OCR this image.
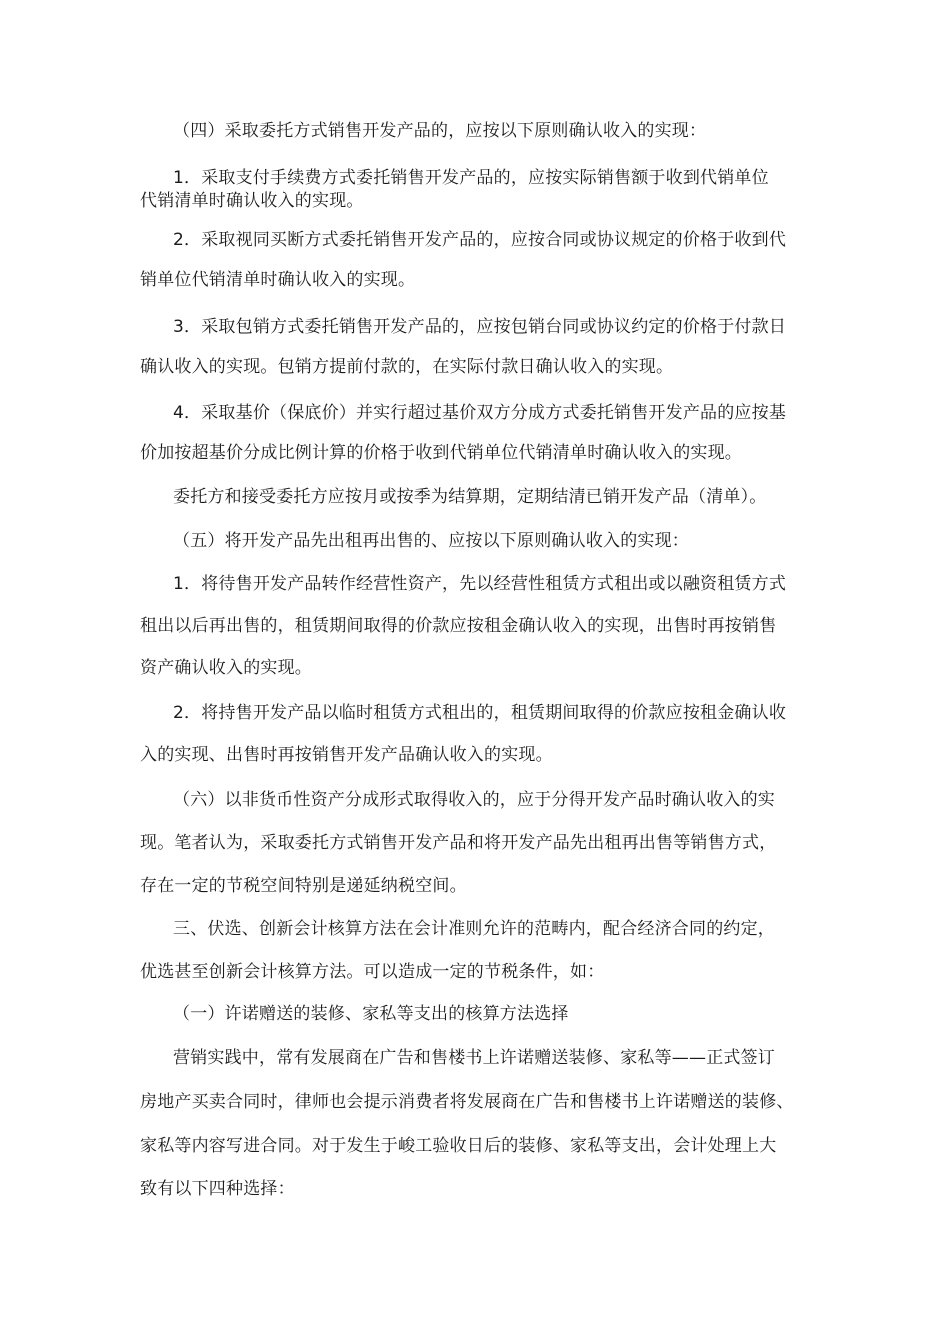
（四）采取委托方式销售开发产品的，应按以下原则确认收入的实现：
1．采取支付手续费方式委托销售开发产品的，应按实际销售额于收到代销单位
代销清单时确认收入的实现。
2．采取视同买断方式委托销售开发产品的，应按合同或协议规定的价格于收到代
销单位代销清单时确认收入的实现。
3．采取包销方式委托销售开发产品的，应按包销台同或协议约定的价格于付款日
确认收入的实现。包销方提前付款的，在实际付款日确认收入的实现。
4．采取基价（保底价）并实行超过基价双方分成方式委托销售开发产品的应按基
价加按超基价分成比例计算的价格于收到代销单位代销清单时确认收入的实现。
委托方和接受委托方应按月或按季为结算期，定期结清已销开发产品（清单）。
（五）将开发产品先出租再出售的、应按以下原则确认收入的实现：
1．将待售开发产品转作经营性资产，先以经营性租赁方式租出或以融资租赁方式
租出以后再出售的，租赁期间取得的价款应按租金确认收入的实现，出售时再按销售
资产确认收入的实现。
2．将持售开发产品以临时租赁方式租出的，租赁期间取得的价款应按租金确认收
入的实现、出售时再按销售开发产品确认收入的实现。
（六）以非货币性资产分成形式取得收入的，应于分得开发产品时确认收入的实
现。笔者认为，采取委托方式销售开发产品和将开发产品先出租再出售等销售方式，
存在一定的节税空间特别是递延纳税空间。
三、伏选、创新会计核算方法在会计准则允许的范畴内，配合经济合同的约定，
优选甚至创新会计核算方法。可以造成一定的节税条件，如：
（一）许诺赠送的装修、家私等支出的核算方法选择
营销实践中，常有发展商在广告和售楼书上许诺赠送装修、家私等——正式签订
房地产买卖合同时，律师也会提示消费者将发展商在广告和售楼书上许诺赠送的装修、
家私等内容写进合同。对于发生于峻工验收日后的装修、家私等支出，会计处理上大
致有以下四种选择：
